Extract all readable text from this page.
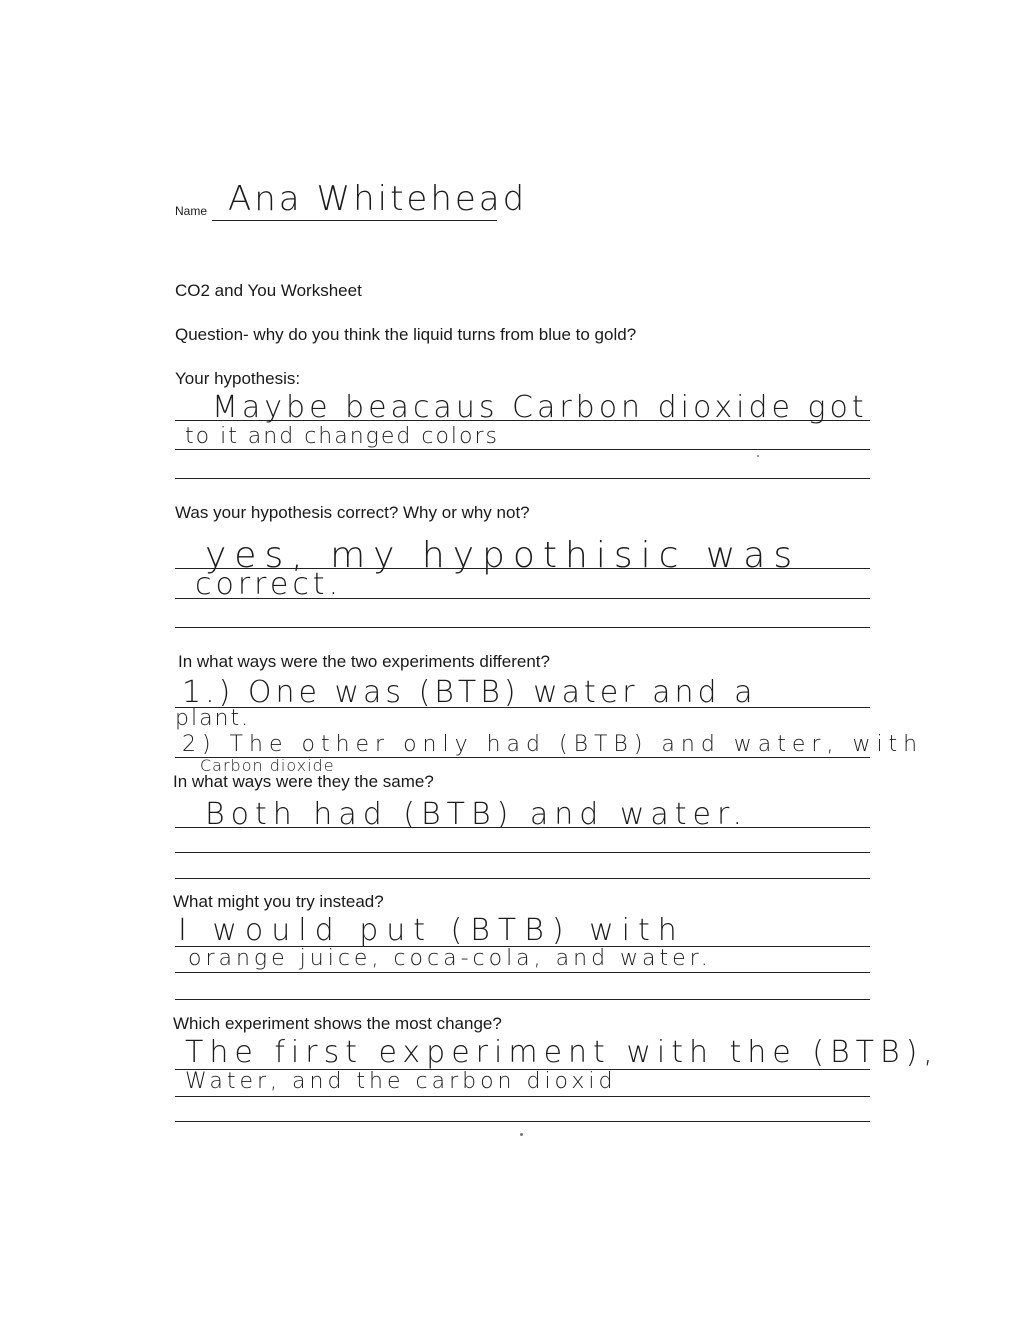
Name Ana Whitehead
CO2 and You Worksheet
Question- why do you think the liquid turns from blue to gold?
Your hypothesis:
Maybe beacaus Carbon dioxide got
to it and changed colors
Was your hypothesis correct? Why or why not?
yes, my hypothisic was
correct.
In what ways were the two experiments different?
1.) One was (BTB) water and a
plant.
2) The other only had (BTB) and water, with
Carbon dioxide
In what ways were they the same?
Both had (BTB) and water.
What might you try instead?
I would put (BTB) with
orange juice, coca-cola, and water.
Which experiment shows the most change?
The first experiment with the (BTB),
Water, and the carbon dioxid
